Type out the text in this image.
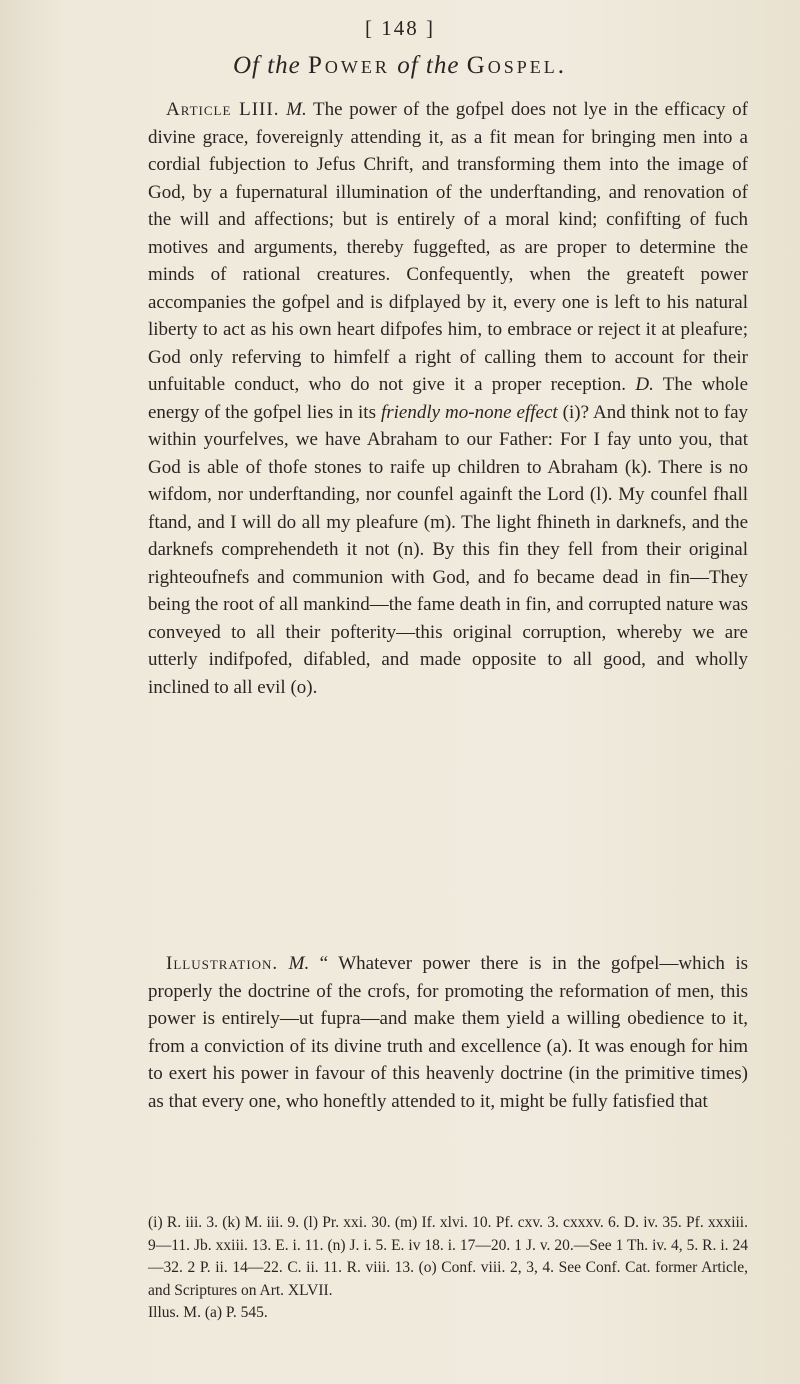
[ 148 ]
Of the Power of the Gospel.

Article LIII. M. The power of the gofpel does not lye in the efficacy of divine grace, fovereignly attending it, as a fit mean for bringing men into a cordial fubjection to Jefus Chrift, and transforming them into the image of God, by a fupernatural illumination of the underftanding, and renovation of the will and affections; but is entirely of a moral kind; confifting of fuch motives and arguments, thereby fuggefted, as are proper to determine the minds of rational creatures. Confequently, when the greateft power accompanies the gofpel and is difplayed by it, every one is left to his natural liberty to act as his own heart difpofes him, to embrace or reject it at pleafure; God only referving to himfelf a right of calling them to account for their unfuitable conduct, who do not give it a proper reception. D. The whole energy of the gofpel lies in its friendly mo-none effect (i)? And think not to fay within yourfelves, we have Abraham to our Father: For I fay unto you, that God is able of thofe stones to raife up children to Abraham (k). There is no wifdom, nor underftanding, nor counfel againft the Lord (l). My counfel fhall ftand, and I will do all my pleafure (m). The light fhineth in darknefs, and the darknefs comprehendeth it not (n). By this fin they fell from their original righteoufnefs and communion with God, and fo became dead in fin—They being the root of all mankind—the fame death in fin, and corrupted nature was conveyed to all their pofterity—this original corruption, whereby we are utterly indifpofed, difabled, and made opposite to all good, and wholly inclined to all evil (o).

Illustration. M. “ Whatever power there is in the gofpel—which is properly the doctrine of the crofs, for promoting the reformation of men, this power is entirely—ut fupra—and make them yield a willing obedience to it, from a conviction of its divine truth and excellence (a). It was enough for him to exert his power in favour of this heavenly doctrine (in the primitive times) as that every one, who honeftly attended to it, might be fully fatisfied that

(i) R. iii. 3. (k) M. iii. 9. (l) Pr. xxi. 30. (m) If. xlvi. 10. Pf. cxv. 3. cxxxv. 6. D. iv. 35. Pf. xxxiii. 9—11. Jb. xxiii. 13. E. i. 11. (n) J. i. 5. E. iv 18. i. 17—20. 1 J. v. 20.—See 1 Th. iv. 4, 5. R. i. 24—32. 2 P. ii. 14—22. C. ii. 11. R. viii. 13. (o) Conf. viii. 2, 3, 4. See Conf. Cat. former Article, and Scriptures on Art. XLVII.

Illus. M. (a) P. 545.
